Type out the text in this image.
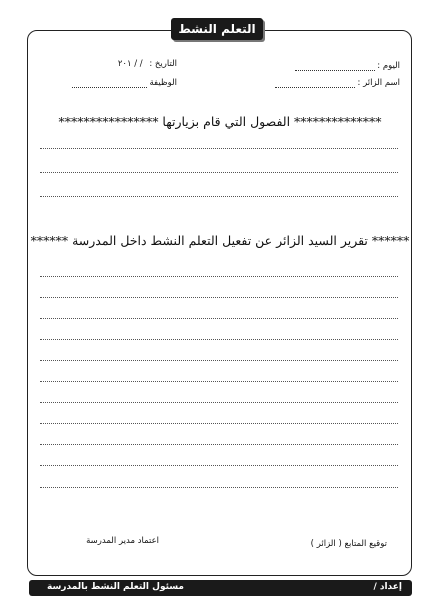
التعلم النشط
اليوم :
التاريخ : / / ٢٠١
اسم الزائر :
الوظيفة
************** الفصول التي قام بزيارتها ****************
****** تقرير السيد الزائر عن تفعيل التعلم النشط داخل المدرسة ******
توقيع المتابع ( الزائر )
اعتماد مدير المدرسة
مسئول التعلم النشط بالمدرسة	إعداد /
